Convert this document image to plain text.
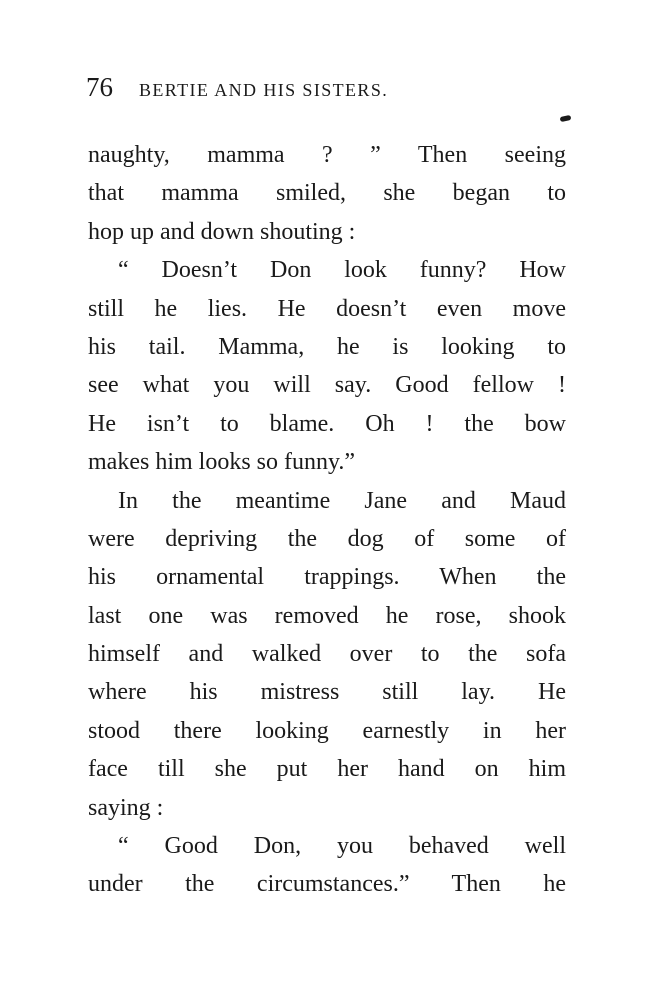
76 BERTIE AND HIS SISTERS.
naughty, mamma ? ” Then seeing
that mamma smiled, she began to
hop up and down shouting :
“ Doesn’t Don look funny? How
still he lies. He doesn’t even move
his tail. Mamma, he is looking to
see what you will say. Good fellow !
He isn’t to blame. Oh ! the bow
makes him looks so funny.”
In the meantime Jane and Maud
were depriving the dog of some of
his ornamental trappings. When the
last one was removed he rose, shook
himself and walked over to the sofa
where his mistress still lay. He
stood there looking earnestly in her
face till she put her hand on him
saying :
“ Good Don, you behaved well
under the circumstances.” Then he
